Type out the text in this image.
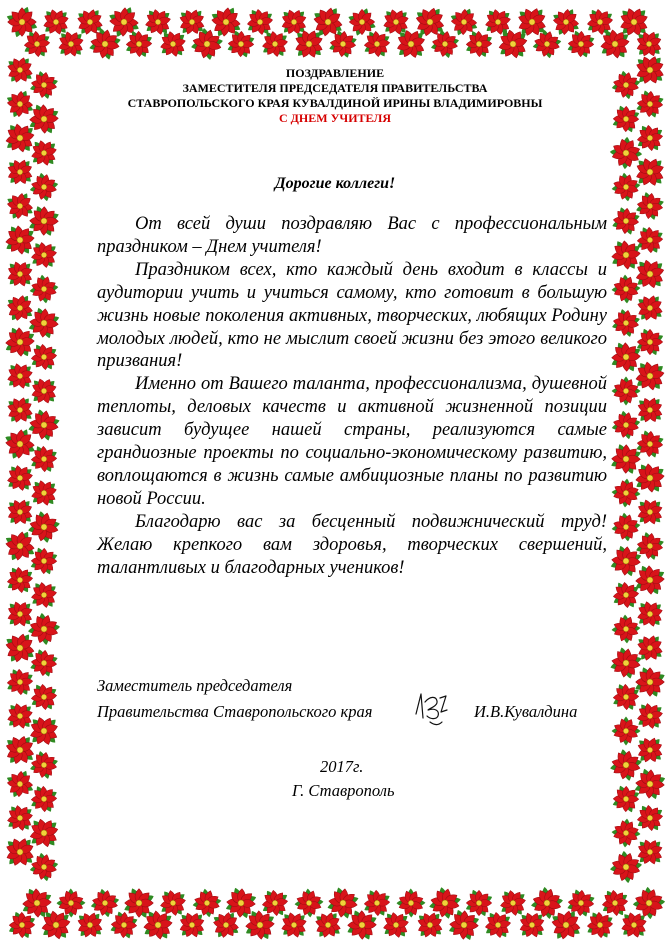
ПОЗДРАВЛЕНИЕ
ЗАМЕСТИТЕЛЯ ПРЕДСЕДАТЕЛЯ ПРАВИТЕЛЬСТВА
СТАВРОПОЛЬСКОГО КРАЯ КУВАЛДИНОЙ ИРИНЫ ВЛАДИМИРОВНЫ
С ДНЕМ УЧИТЕЛЯ
Дорогие коллеги!

От всей души поздравляю Вас с профессиональным праздником – Днем учителя!

Праздником всех, кто каждый день входит в классы и аудитории учить и учиться самому, кто готовит в большую жизнь новые поколения активных, творческих, любящих Родину молодых людей, кто не мыслит своей жизни без этого великого призвания!

Именно от Вашего таланта, профессионализма, душевной теплоты, деловых качеств и активной жизненной позиции зависит будущее нашей страны, реализуются самые грандиозные проекты по социально-экономическому развитию, воплощаются в жизнь самые амбициозные планы по развитию новой России.

Благодарю вас за бесценный подвижнический труд! Желаю крепкого вам здоровья, творческих свершений, талантливых и благодарных учеников!

Заместитель председателя
Правительства Ставропольского края	И.В.Кувалдина
2017г.
Г. Ставрополь
